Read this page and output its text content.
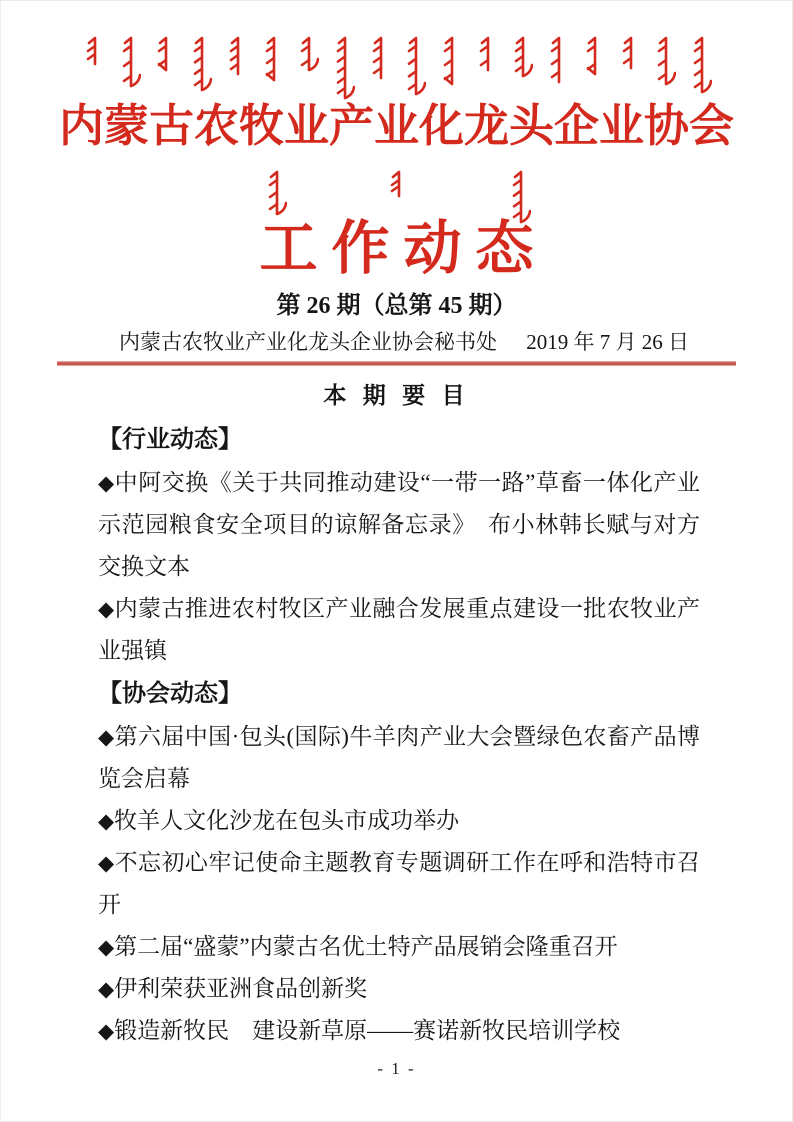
内蒙古农牧业产业化龙头企业协会
工作动态
第 26 期（总第 45 期）
内蒙古农牧业产业化龙头企业协会秘书处 2019 年 7 月 26 日
本 期 要 目
【行业动态】

◆中阿交换《关于共同推动建设“一带一路”草畜一体化产业示范园粮食安全项目的谅解备忘录》　布小林韩长赋与对方交换文本

◆内蒙古推进农村牧区产业融合发展重点建设一批农牧业产业强镇

【协会动态】

◆第六届中国·包头(国际)牛羊肉产业大会暨绿色农畜产品博览会启幕

◆牧羊人文化沙龙在包头市成功举办

◆不忘初心牢记使命主题教育专题调研工作在呼和浩特市召开

◆第二届“盛蒙”内蒙古名优土特产品展销会隆重召开

◆伊利荣获亚洲食品创新奖

◆锻造新牧民　建设新草原——赛诺新牧民培训学校

- 1 -
